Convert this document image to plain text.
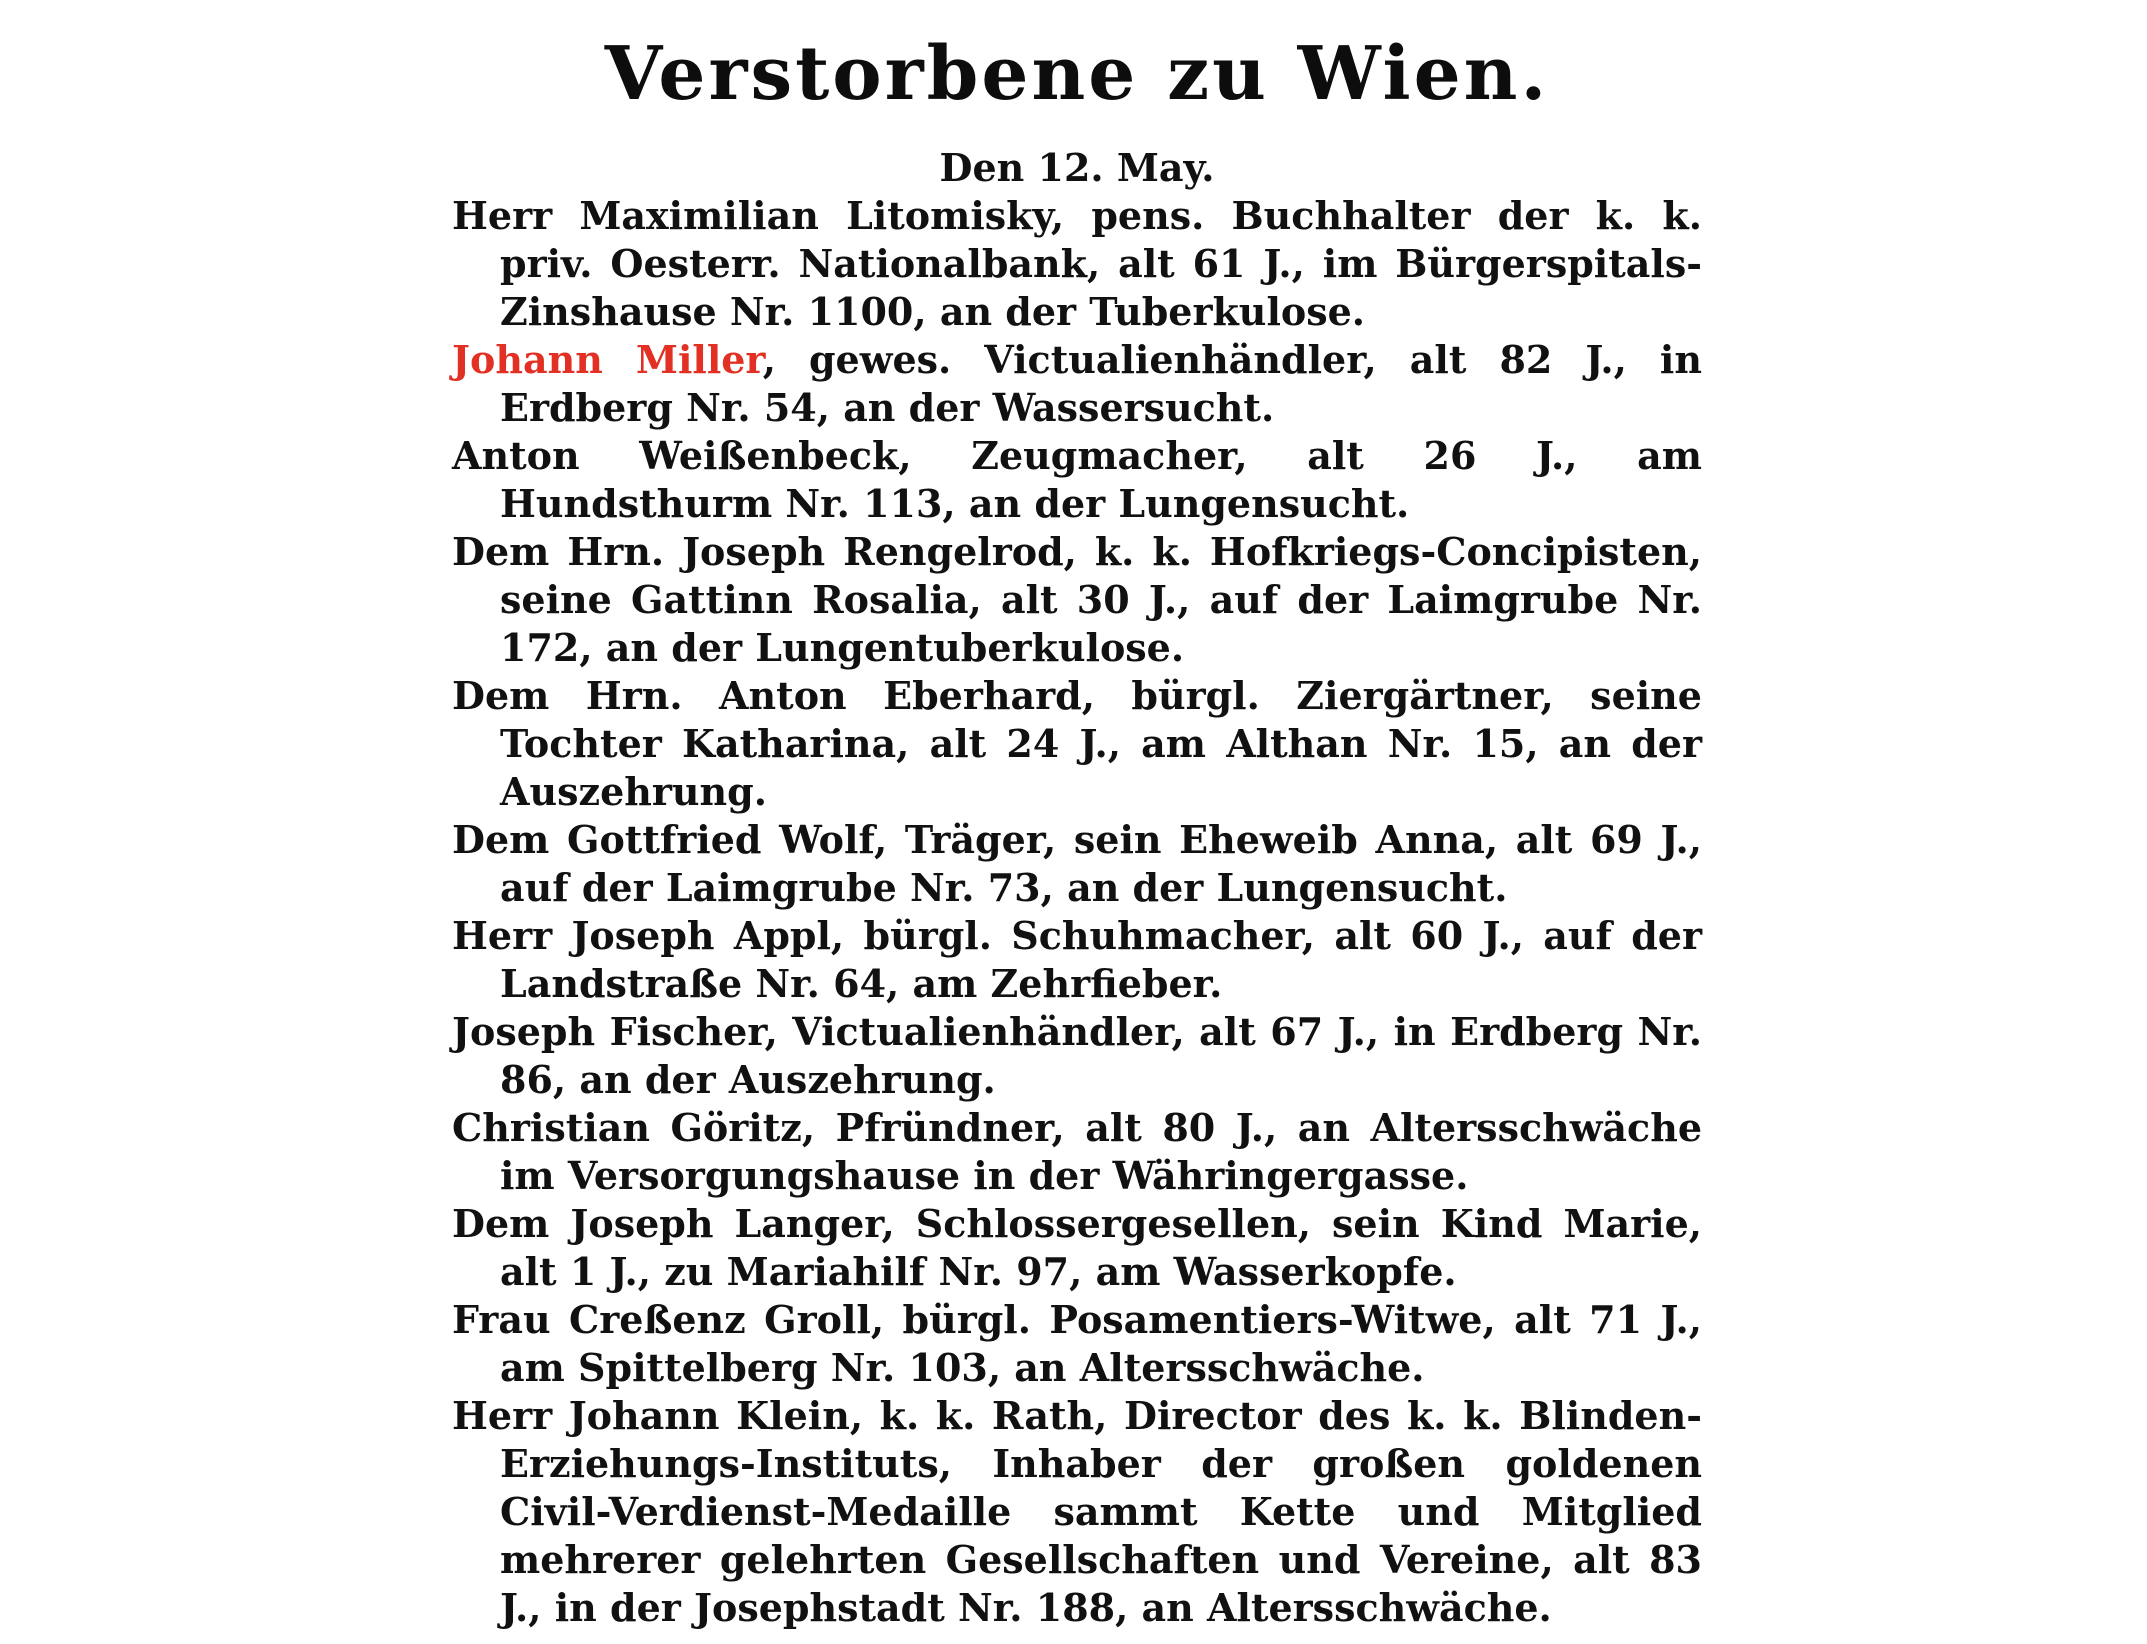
Verstorbene zu Wien.
Den 12. May.

Herr Maximilian Litomisky, pens. Buchhalter der k. k. priv. Oesterr. Nationalbank, alt 61 J., im Bürgerspitals-Zinshause Nr. 1100, an der Tuberkulose.

Johann Miller, gewes. Victualienhändler, alt 82 J., in Erdberg Nr. 54, an der Wassersucht.

Anton Weißenbeck, Zeugmacher, alt 26 J., am Hundsthurm Nr. 113, an der Lungensucht.

Dem Hrn. Joseph Rengelrod, k. k. Hofkriegs-Concipisten, seine Gattinn Rosalia, alt 30 J., auf der Laimgrube Nr. 172, an der Lungentuberkulose.

Dem Hrn. Anton Eberhard, bürgl. Ziergärtner, seine Tochter Katharina, alt 24 J., am Althan Nr. 15, an der Auszehrung.

Dem Gottfried Wolf, Träger, sein Eheweib Anna, alt 69 J., auf der Laimgrube Nr. 73, an der Lungensucht.

Herr Joseph Appl, bürgl. Schuhmacher, alt 60 J., auf der Landstraße Nr. 64, am Zehrfieber.

Joseph Fischer, Victualienhändler, alt 67 J., in Erdberg Nr. 86, an der Auszehrung.

Christian Göritz, Pfründner, alt 80 J., an Altersschwäche im Versorgungshause in der Währingergasse.

Dem Joseph Langer, Schlossergesellen, sein Kind Marie, alt 1 J., zu Mariahilf Nr. 97, am Wasserkopfe.

Frau Creßenz Groll, bürgl. Posamentiers-Witwe, alt 71 J., am Spittelberg Nr. 103, an Altersschwäche.

Herr Johann Klein, k. k. Rath, Director des k. k. Blinden-Erziehungs-Instituts, Inhaber der großen goldenen Civil-Verdienst-Medaille sammt Kette und Mitglied mehrerer gelehrten Gesellschaften und Vereine, alt 83 J., in der Josephstadt Nr. 188, an Altersschwäche.
